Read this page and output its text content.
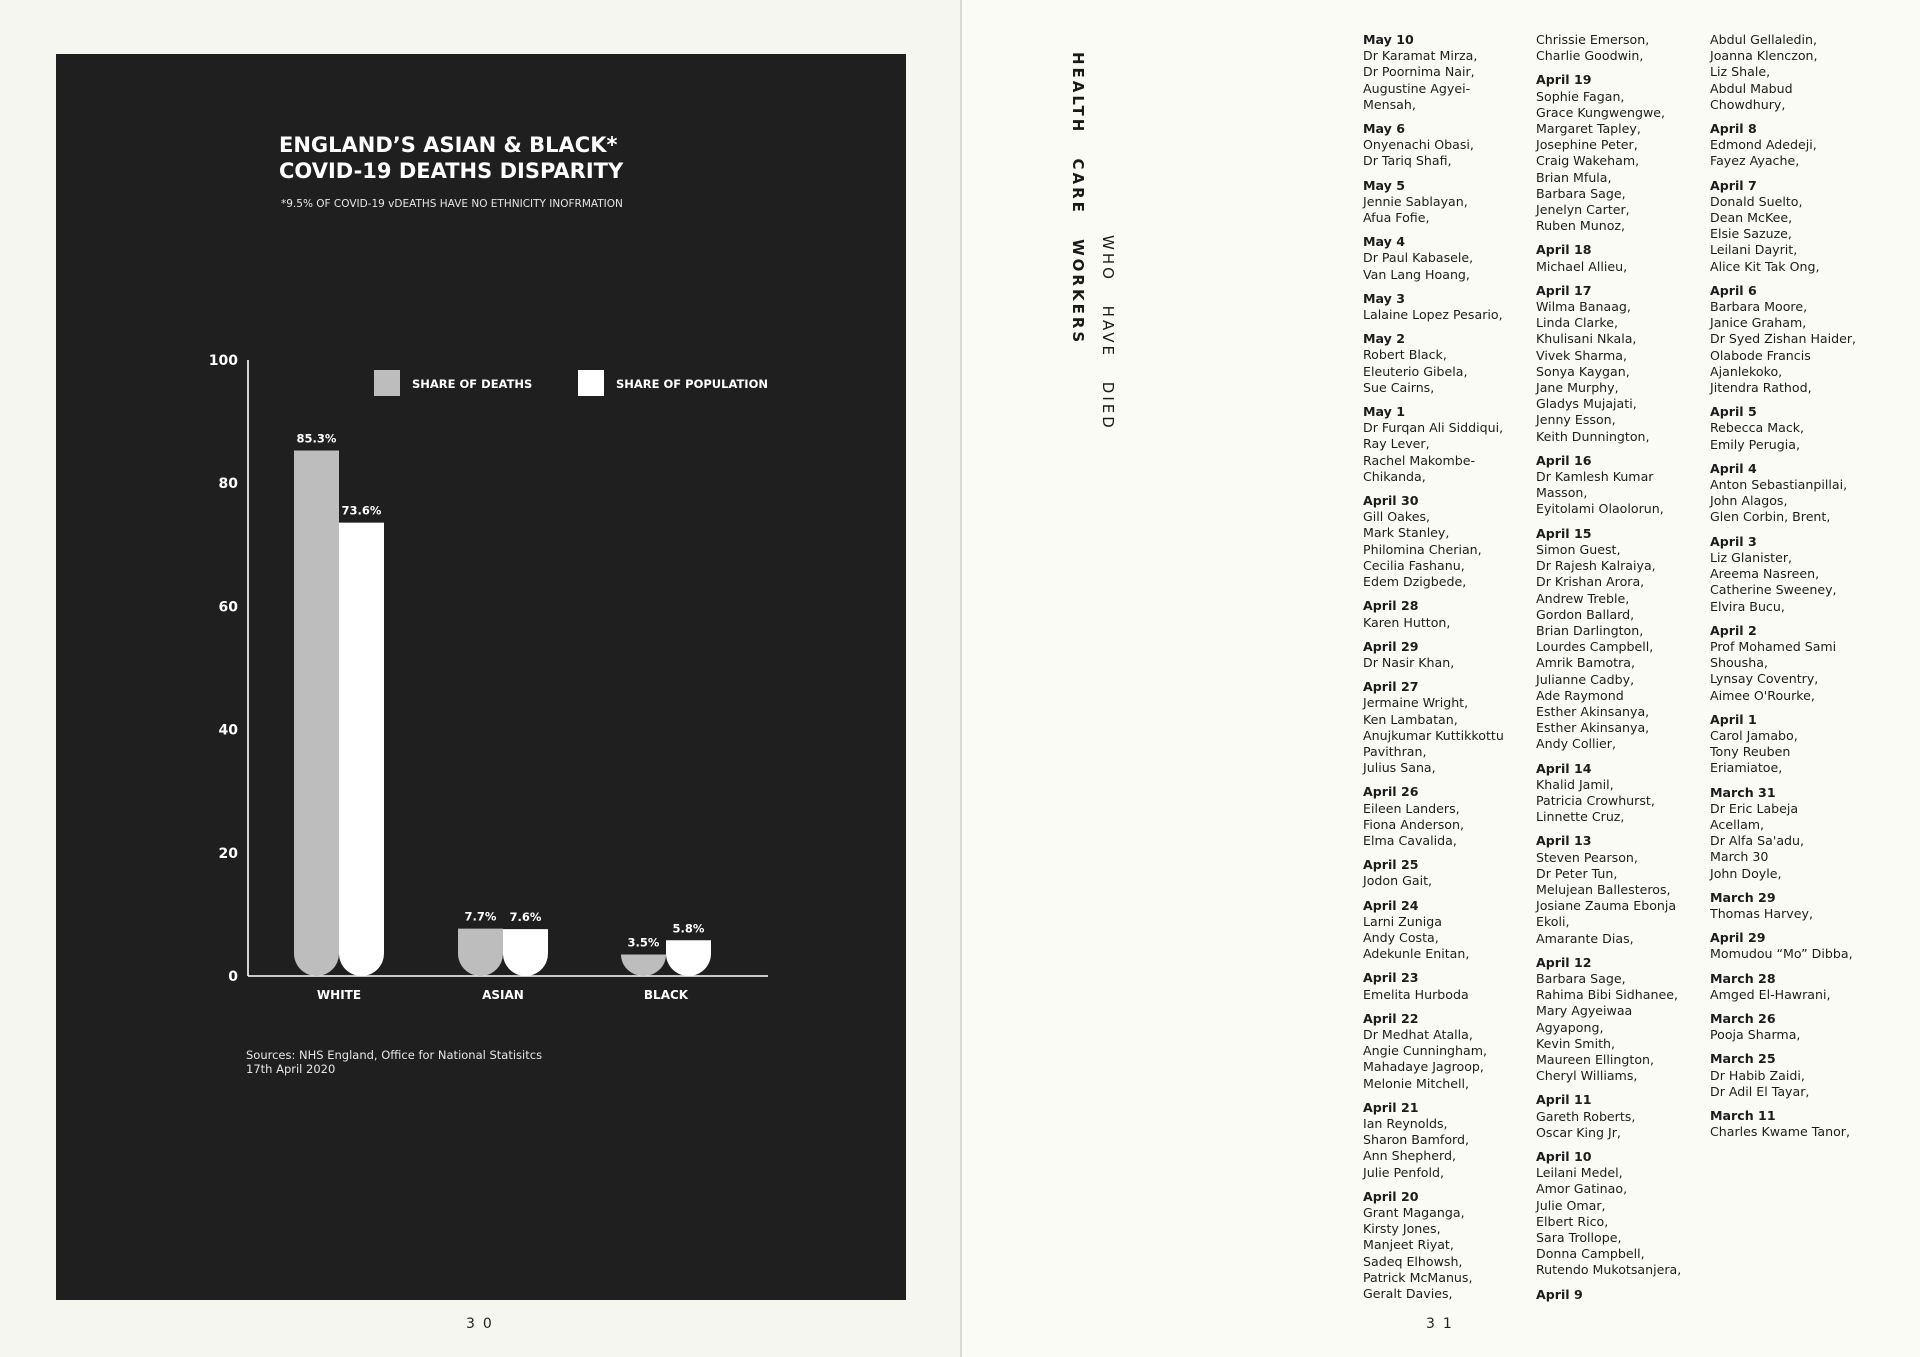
ENGLAND’S ASIAN & BLACK*
COVID-19 DEATHS DISPARITY
*9.5% OF COVID-19 vDEATHS HAVE NO ETHNICITY INOFRMATION
SHARE OF DEATHS	SHARE OF POPULATION
0
20
40
60
80
100
85.3%
73.6%
WHITE
7.7% 7.6%
ASIAN
3.5%
5.8%
BLACK
Sources: NHS England, Office for National Statisitcs
17th April 2020
30	31
HEALTH CARE WORKERS WHO HAVE DIED
May 10
Dr Karamat Mirza,
Dr Poornima Nair,
Augustine Agyei-
Mensah,
May 6
Onyenachi Obasi,
Dr Tariq Shafi,
May 5
Jennie Sablayan,
Afua Fofie,
May 4
Dr Paul Kabasele,
Van Lang Hoang,
May 3
Lalaine Lopez Pesario,
May 2
Robert Black,
Eleuterio Gibela,
Sue Cairns,
May 1
Dr Furqan Ali Siddiqui,
Ray Lever,
Rachel Makombe-
Chikanda,
April 30
Gill Oakes,
Mark Stanley,
Philomina Cherian,
Cecilia Fashanu,
Edem Dzigbede,
April 28
Karen Hutton,
April 29
Dr Nasir Khan,
April 27
Jermaine Wright,
Ken Lambatan,
Anujkumar Kuttikkottu
Pavithran,
Julius Sana,
April 26
Eileen Landers,
Fiona Anderson,
Elma Cavalida,
April 25
Jodon Gait,
April 24
Larni Zuniga
Andy Costa,
Adekunle Enitan,
April 23
Emelita Hurboda
April 22
Dr Medhat Atalla,
Angie Cunningham,
Mahadaye Jagroop,
Melonie Mitchell,
April 21
Ian Reynolds,
Sharon Bamford,
Ann Shepherd,
Julie Penfold,
April 20
Grant Maganga,
Kirsty Jones,
Manjeet Riyat,
Sadeq Elhowsh,
Patrick McManus,
Geralt Davies,
Chrissie Emerson,
Charlie Goodwin,
April 19
Sophie Fagan,
Grace Kungwengwe,
Margaret Tapley,
Josephine Peter,
Craig Wakeham,
Brian Mfula,
Barbara Sage,
Jenelyn Carter,
Ruben Munoz,
April 18
Michael Allieu,
April 17
Wilma Banaag,
Linda Clarke,
Khulisani Nkala,
Vivek Sharma,
Sonya Kaygan,
Jane Murphy,
Gladys Mujajati,
Jenny Esson,
Keith Dunnington,
April 16
Dr Kamlesh Kumar
Masson,
Eyitolami Olaolorun,
April 15
Simon Guest,
Dr Rajesh Kalraiya,
Dr Krishan Arora,
Andrew Treble,
Gordon Ballard,
Brian Darlington,
Lourdes Campbell,
Amrik Bamotra,
Julianne Cadby,
Ade Raymond
Esther Akinsanya,
Esther Akinsanya,
Andy Collier,
April 14
Khalid Jamil,
Patricia Crowhurst,
Linnette Cruz,
April 13
Steven Pearson,
Dr Peter Tun,
Melujean Ballesteros,
Josiane Zauma Ebonja
Ekoli,
Amarante Dias,
April 12
Barbara Sage,
Rahima Bibi Sidhanee,
Mary Agyeiwaa
Agyapong,
Kevin Smith,
Maureen Ellington,
Cheryl Williams,
April 11
Gareth Roberts,
Oscar King Jr,
April 10
Leilani Medel,
Amor Gatinao,
Julie Omar,
Elbert Rico,
Sara Trollope,
Donna Campbell,
Rutendo Mukotsanjera,
April 9
Abdul Gellaledin,
Joanna Klenczon,
Liz Shale,
Abdul Mabud
Chowdhury,
April 8
Edmond Adedeji,
Fayez Ayache,
April 7
Donald Suelto,
Dean McKee,
Elsie Sazuze,
Leilani Dayrit,
Alice Kit Tak Ong,
April 6
Barbara Moore,
Janice Graham,
Dr Syed Zishan Haider,
Olabode Francis
Ajanlekoko,
Jitendra Rathod,
April 5
Rebecca Mack,
Emily Perugia,
April 4
Anton Sebastianpillai,
John Alagos,
Glen Corbin, Brent,
April 3
Liz Glanister,
Areema Nasreen,
Catherine Sweeney,
Elvira Bucu,
April 2
Prof Mohamed Sami
Shousha,
Lynsay Coventry,
Aimee O'Rourke,
April 1
Carol Jamabo,
Tony Reuben
Eriamiatoe,
March 31
Dr Eric Labeja
Acellam,
Dr Alfa Sa'adu,
March 30
John Doyle,
March 29
Thomas Harvey,
April 29
Momudou “Mo” Dibba,
March 28
Amged El-Hawrani,
March 26
Pooja Sharma,
March 25
Dr Habib Zaidi,
Dr Adil El Tayar,
March 11
Charles Kwame Tanor,
